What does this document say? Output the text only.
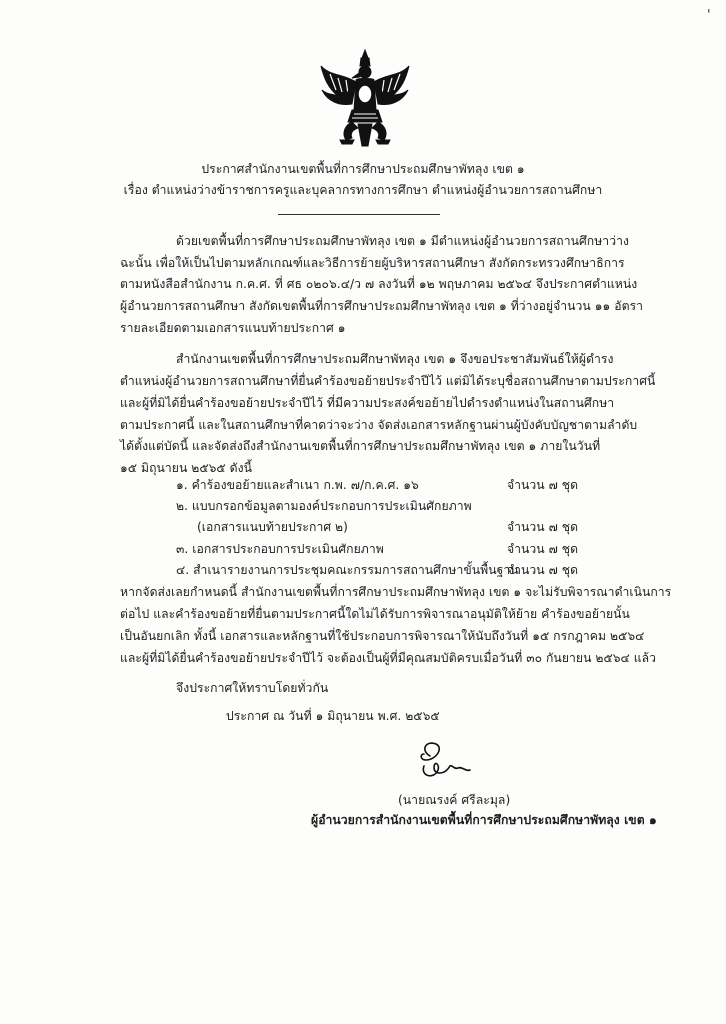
'
ประกาศสำนักงานเขตพื้นที่การศึกษาประถมศึกษาพัทลุง เขต ๑
เรื่อง ตำแหน่งว่างข้าราชการครูและบุคลากรทางการศึกษา ตำแหน่งผู้อำนวยการสถานศึกษา
ด้วยเขตพื้นที่การศึกษาประถมศึกษาพัทลุง เขต ๑ มีตำแหน่งผู้อำนวยการสถานศึกษาว่าง
ฉะนั้น เพื่อให้เป็นไปตามหลักเกณฑ์และวิธีการย้ายผู้บริหารสถานศึกษา สังกัดกระทรวงศึกษาธิการ
ตามหนังสือสำนักงาน ก.ค.ศ. ที่ ศธ ๐๒๐๖.๔/ว ๗ ลงวันที่ ๑๒ พฤษภาคม ๒๕๖๔ จึงประกาศตำแหน่ง
ผู้อำนวยการสถานศึกษา สังกัดเขตพื้นที่การศึกษาประถมศึกษาพัทลุง เขต ๑ ที่ว่างอยู่จำนวน ๑๑ อัตรา
รายละเอียดตามเอกสารแนบท้ายประกาศ ๑
สำนักงานเขตพื้นที่การศึกษาประถมศึกษาพัทลุง เขต ๑ จึงขอประชาสัมพันธ์ให้ผู้ดำรง
ตำแหน่งผู้อำนวยการสถานศึกษาที่ยื่นคำร้องขอย้ายประจำปีไว้ แต่มิได้ระบุชื่อสถานศึกษาตามประกาศนี้
และผู้ที่มิได้ยื่นคำร้องขอย้ายประจำปีไว้ ที่มีความประสงค์ขอย้ายไปดำรงตำแหน่งในสถานศึกษา
ตามประกาศนี้ และในสถานศึกษาที่คาดว่าจะว่าง จัดส่งเอกสารหลักฐานผ่านผู้บังคับบัญชาตามลำดับ
ได้ตั้งแต่บัดนี้ และจัดส่งถึงสำนักงานเขตพื้นที่การศึกษาประถมศึกษาพัทลุง เขต ๑ ภายในวันที่
๑๕ มิถุนายน ๒๕๖๕ ดังนี้
๑. คำร้องขอย้ายและสำเนา ก.พ. ๗/ก.ค.ศ. ๑๖	จำนวน ๗ ชุด
๒. แบบกรอกข้อมูลตามองค์ประกอบการประเมินศักยภาพ
(เอกสารแนบท้ายประกาศ ๒)	จำนวน ๗ ชุด
๓. เอกสารประกอบการประเมินศักยภาพ	จำนวน ๗ ชุด
๔. สำเนารายงานการประชุมคณะกรรมการสถานศึกษาขั้นพื้นฐาน
จำนวน ๗ ชุด
หากจัดส่งเลยกำหนดนี้ สำนักงานเขตพื้นที่การศึกษาประถมศึกษาพัทลุง เขต ๑ จะไม่รับพิจารณาดำเนินการ
ต่อไป และคำร้องขอย้ายที่ยื่นตามประกาศนี้ใดไม่ได้รับการพิจารณาอนุมัติให้ย้าย คำร้องขอย้ายนั้น
เป็นอันยกเลิก ทั้งนี้ เอกสารและหลักฐานที่ใช้ประกอบการพิจารณาให้นับถึงวันที่ ๑๕ กรกฎาคม ๒๕๖๔
และผู้ที่มิได้ยื่นคำร้องขอย้ายประจำปีไว้ จะต้องเป็นผู้ที่มีคุณสมบัติครบเมื่อวันที่ ๓๐ กันยายน ๒๕๖๔ แล้ว
จึงประกาศให้ทราบโดยทั่วกัน
ประกาศ ณ วันที่ ๑ มิถุนายน พ.ศ. ๒๕๖๕
(นายณรงค์ ศรีละมุล)
ผู้อำนวยการสำนักงานเขตพื้นที่การศึกษาประถมศึกษาพัทลุง เขต ๑
